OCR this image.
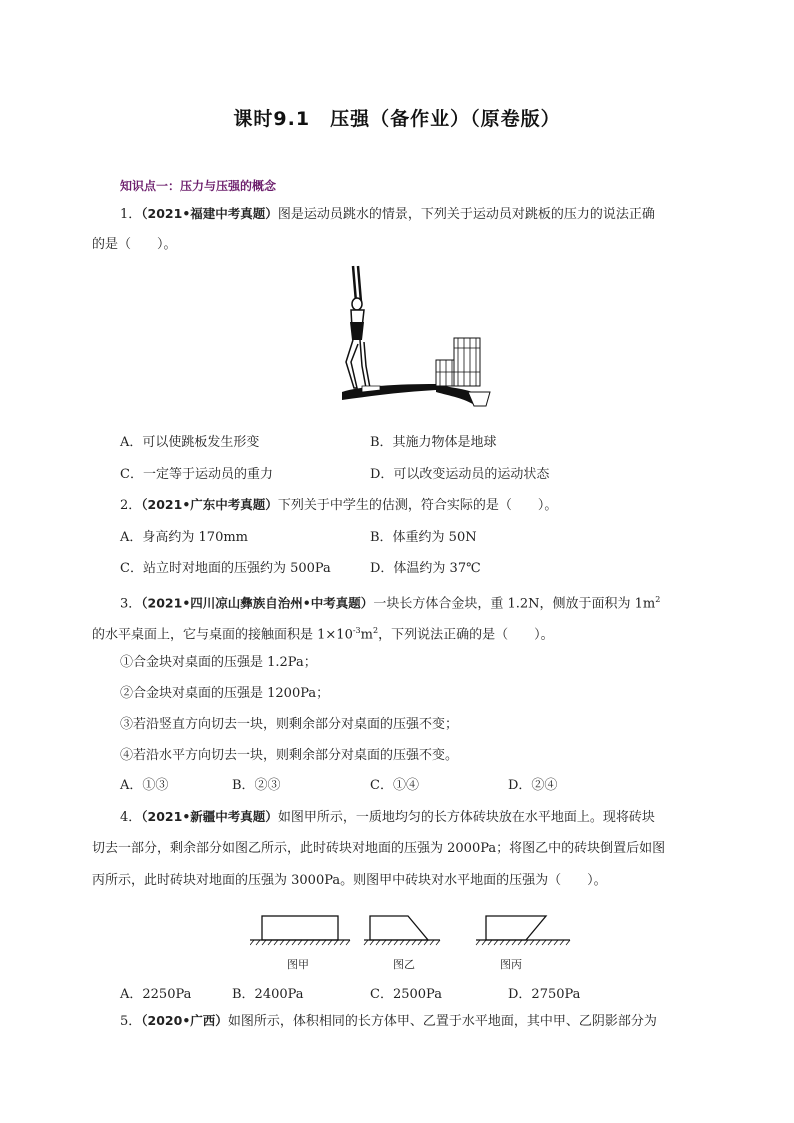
课时9.1　压强（备作业）（原卷版）
知识点一：压力与压强的概念
1．（2021•福建中考真题）图是运动员跳水的情景，下列关于运动员对跳板的压力的说法正确
的是（　　）。
A．可以使跳板发生形变	B．其施力物体是地球
C．一定等于运动员的重力	D．可以改变运动员的运动状态
2．（2021•广东中考真题）下列关于中学生的估测，符合实际的是（　　）。
A．身高约为 170mm	B．体重约为 50N
C．站立时对地面的压强约为 500Pa	D．体温约为 37℃
3．（2021•四川凉山彝族自治州•中考真题）一块长方体合金块，重 1.2N，侧放于面积为 $1m^2$
的水平桌面上，它与桌面的接触面积是 $1\times 10^{-3}m^2$，下列说法正确的是（　　）。
①合金块对桌面的压强是 1.2Pa；
②合金块对桌面的压强是 1200Pa；
③若沿竖直方向切去一块，则剩余部分对桌面的压强不变；
④若沿水平方向切去一块，则剩余部分对桌面的压强不变。
A．①③	B．②③	C．①④	D．②④
4．（2021•新疆中考真题）如图甲所示，一质地均匀的长方体砖块放在水平地面上。现将砖块
切去一部分，剩余部分如图乙所示，此时砖块对地面的压强为 2000Pa；将图乙中的砖块倒置后如图
丙所示，此时砖块对地面的压强为 3000Pa。则图甲中砖块对水平地面的压强为（　　）。
图甲	图乙	图丙
A．2250Pa	B．2400Pa	C．2500Pa	D．2750Pa
5．（2020•广西）如图所示，体积相同的长方体甲、乙置于水平地面，其中甲、乙阴影部分为
